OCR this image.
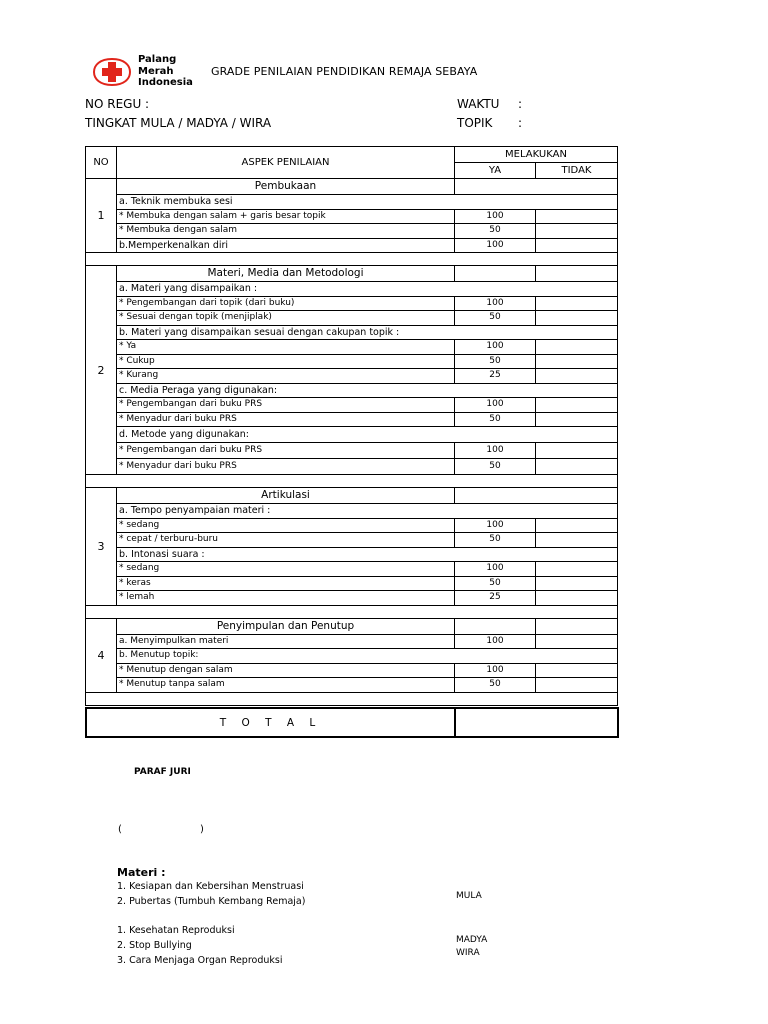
Palang
Merah
Indonesia
GRADE PENILAIAN PENDIDIKAN REMAJA SEBAYA
NO REGU :
TINGKAT MULA / MADYA / WIRA
WAKTU :
TOPIK :
NO	ASPEK PENILAIAN	MELAKUKAN	
		YA	TIDAK
1	Pembukaan		
	a. Teknik membuka sesi		
	* Membuka dengan salam + garis besar topik	100	
	* Membuka dengan salam	50	
	b.Memperkenalkan diri	100	

2	Materi, Media dan Metodologi		
	a. Materi yang disampaikan :		
	* Pengembangan dari topik (dari buku)	100	
	* Sesuai dengan topik (menjiplak)	50	
	b. Materi yang disampaikan sesuai dengan cakupan topik :		
	* Ya	100	
	* Cukup	50	
	* Kurang	25	
	c. Media Peraga yang digunakan:		
	* Pengembangan dari buku PRS	100	
	* Menyadur dari buku PRS	50	
	d. Metode yang digunakan:		
	* Pengembangan dari buku PRS	100	
	* Menyadur dari buku PRS	50	

3	Artikulasi		
	a. Tempo penyampaian materi :		
	* sedang	100	
	* cepat / terburu-buru	50	
	b. Intonasi suara :		
	* sedang	100	
	* keras	50	
	* lemah	25	

4	Penyimpulan dan Penutup		
	a. Menyimpulkan materi	100	
	b. Menutup topik:		
	* Menutup dengan salam	100	
	* Menutup tanpa salam	50	

T O T A L	
PARAF JURI
(	)
Materi :
1. Kesiapan dan Kebersihan Menstruasi
2. Pubertas (Tumbuh Kembang Remaja)	MULA
1. Kesehatan Reproduksi
2. Stop Bullying
3. Cara Menjaga Organ Reproduksi
MADYA
WIRA
